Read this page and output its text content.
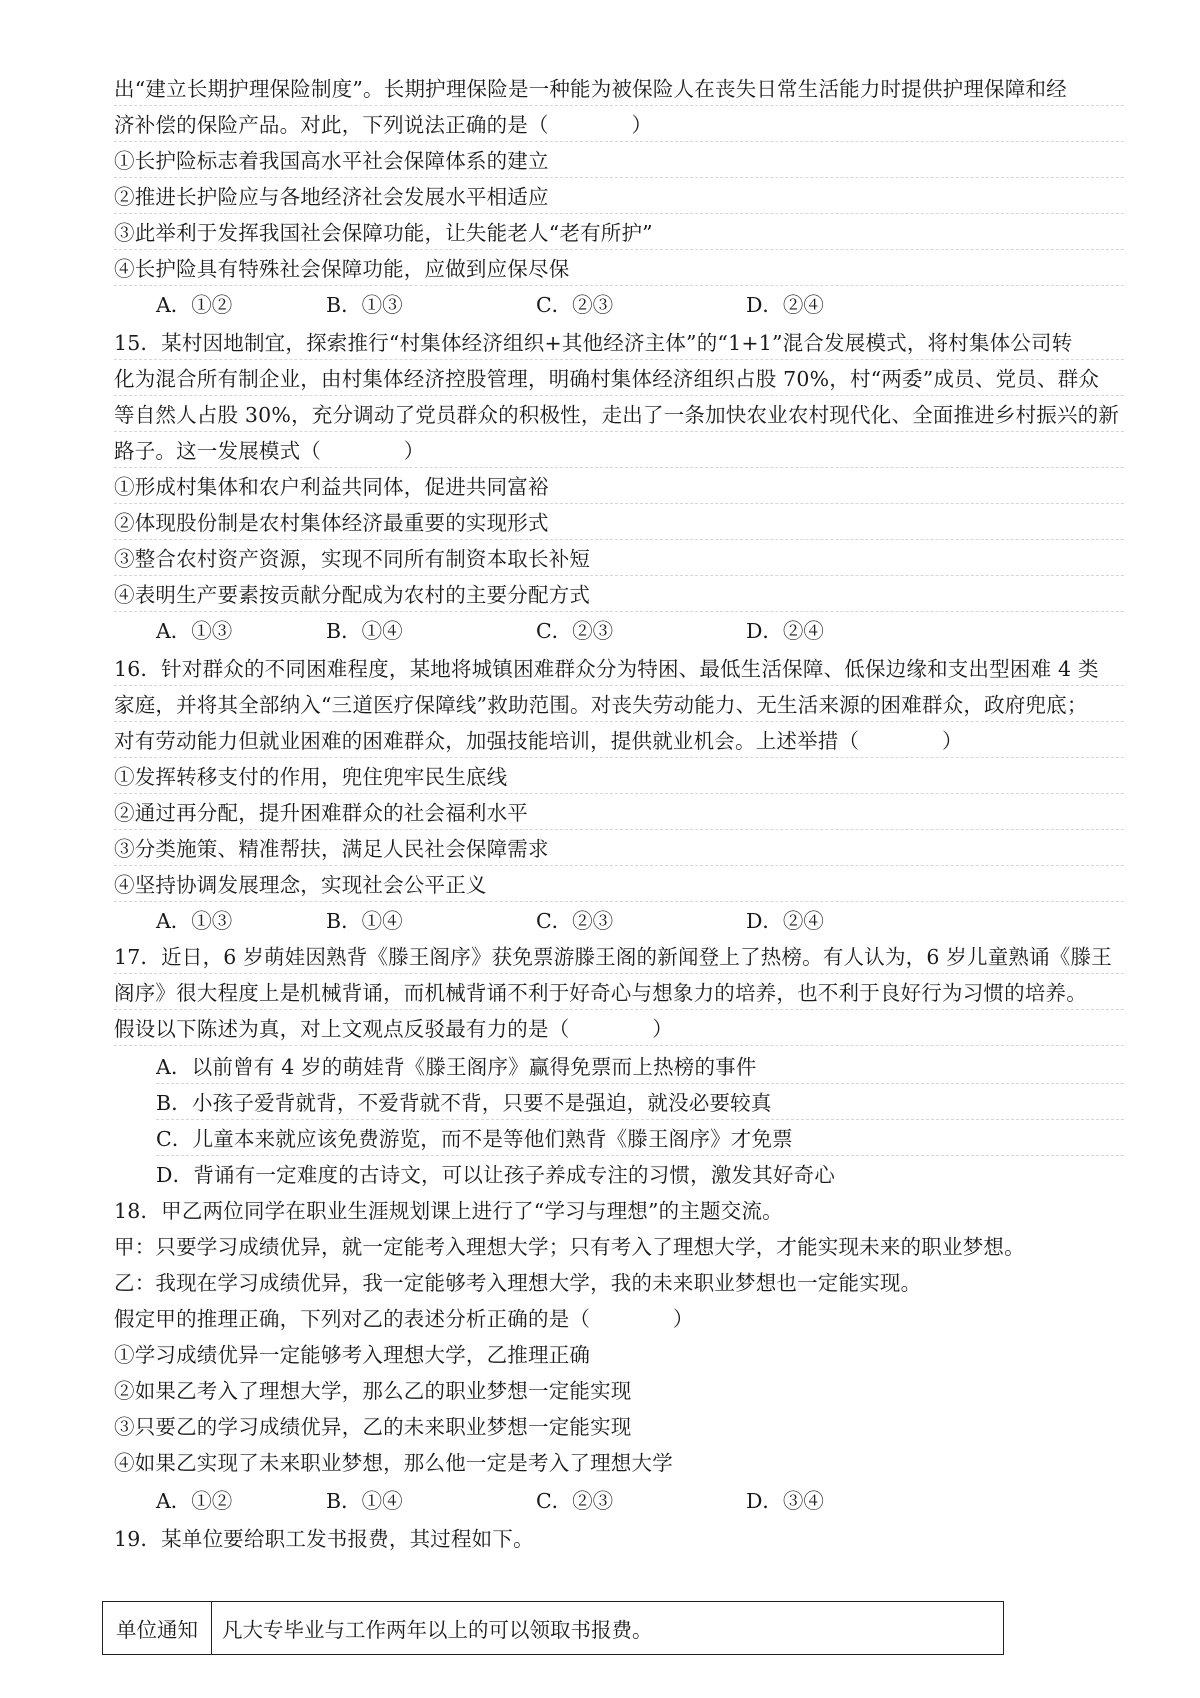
出“建立长期护理保险制度”。长期护理保险是一种能为被保险人在丧失日常生活能力时提供护理保障和经
济补偿的保险产品。对此，下列说法正确的是（　　　　）
①长护险标志着我国高水平社会保障体系的建立
②推进长护险应与各地经济社会发展水平相适应
③此举利于发挥我国社会保障功能，让失能老人“老有所护”
④长护险具有特殊社会保障功能，应做到应保尽保
A．①②	B．①③	C．②③	D．②④
15．某村因地制宜，探索推行“村集体经济组织+其他经济主体”的“1+1”混合发展模式，将村集体公司转
化为混合所有制企业，由村集体经济控股管理，明确村集体经济组织占股 70%，村“两委”成员、党员、群众
等自然人占股 30%，充分调动了党员群众的积极性，走出了一条加快农业农村现代化、全面推进乡村振兴的新
路子。这一发展模式（　　　　）
①形成村集体和农户利益共同体，促进共同富裕
②体现股份制是农村集体经济最重要的实现形式
③整合农村资产资源，实现不同所有制资本取长补短
④表明生产要素按贡献分配成为农村的主要分配方式
A．①③	B．①④	C．②③	D．②④
16．针对群众的不同困难程度，某地将城镇困难群众分为特困、最低生活保障、低保边缘和支出型困难 4 类
家庭，并将其全部纳入“三道医疗保障线”救助范围。对丧失劳动能力、无生活来源的困难群众，政府兜底；
对有劳动能力但就业困难的困难群众，加强技能培训，提供就业机会。上述举措（　　　　）
①发挥转移支付的作用，兜住兜牢民生底线
②通过再分配，提升困难群众的社会福利水平
③分类施策、精准帮扶，满足人民社会保障需求
④坚持协调发展理念，实现社会公平正义
A．①③	B．①④	C．②③	D．②④
17．近日，6 岁萌娃因熟背《滕王阁序》获免票游滕王阁的新闻登上了热榜。有人认为，6 岁儿童熟诵《滕王
阁序》很大程度上是机械背诵，而机械背诵不利于好奇心与想象力的培养，也不利于良好行为习惯的培养。
假设以下陈述为真，对上文观点反驳最有力的是（　　　　）
A．以前曾有 4 岁的萌娃背《滕王阁序》赢得免票而上热榜的事件
B．小孩子爱背就背，不爱背就不背，只要不是强迫，就没必要较真
C．儿童本来就应该免费游览，而不是等他们熟背《滕王阁序》才免票
D．背诵有一定难度的古诗文，可以让孩子养成专注的习惯，激发其好奇心
18．甲乙两位同学在职业生涯规划课上进行了“学习与理想”的主题交流。
甲：只要学习成绩优异，就一定能考入理想大学；只有考入了理想大学，才能实现未来的职业梦想。
乙：我现在学习成绩优异，我一定能够考入理想大学，我的未来职业梦想也一定能实现。
假定甲的推理正确，下列对乙的表述分析正确的是（　　　　）
①学习成绩优异一定能够考入理想大学，乙推理正确
②如果乙考入了理想大学，那么乙的职业梦想一定能实现
③只要乙的学习成绩优异，乙的未来职业梦想一定能实现
④如果乙实现了未来职业梦想，那么他一定是考入了理想大学
A．①②	B．①④	C．②③	D．③④
19．某单位要给职工发书报费，其过程如下。
单位通知	凡大专毕业与工作两年以上的可以领取书报费。
